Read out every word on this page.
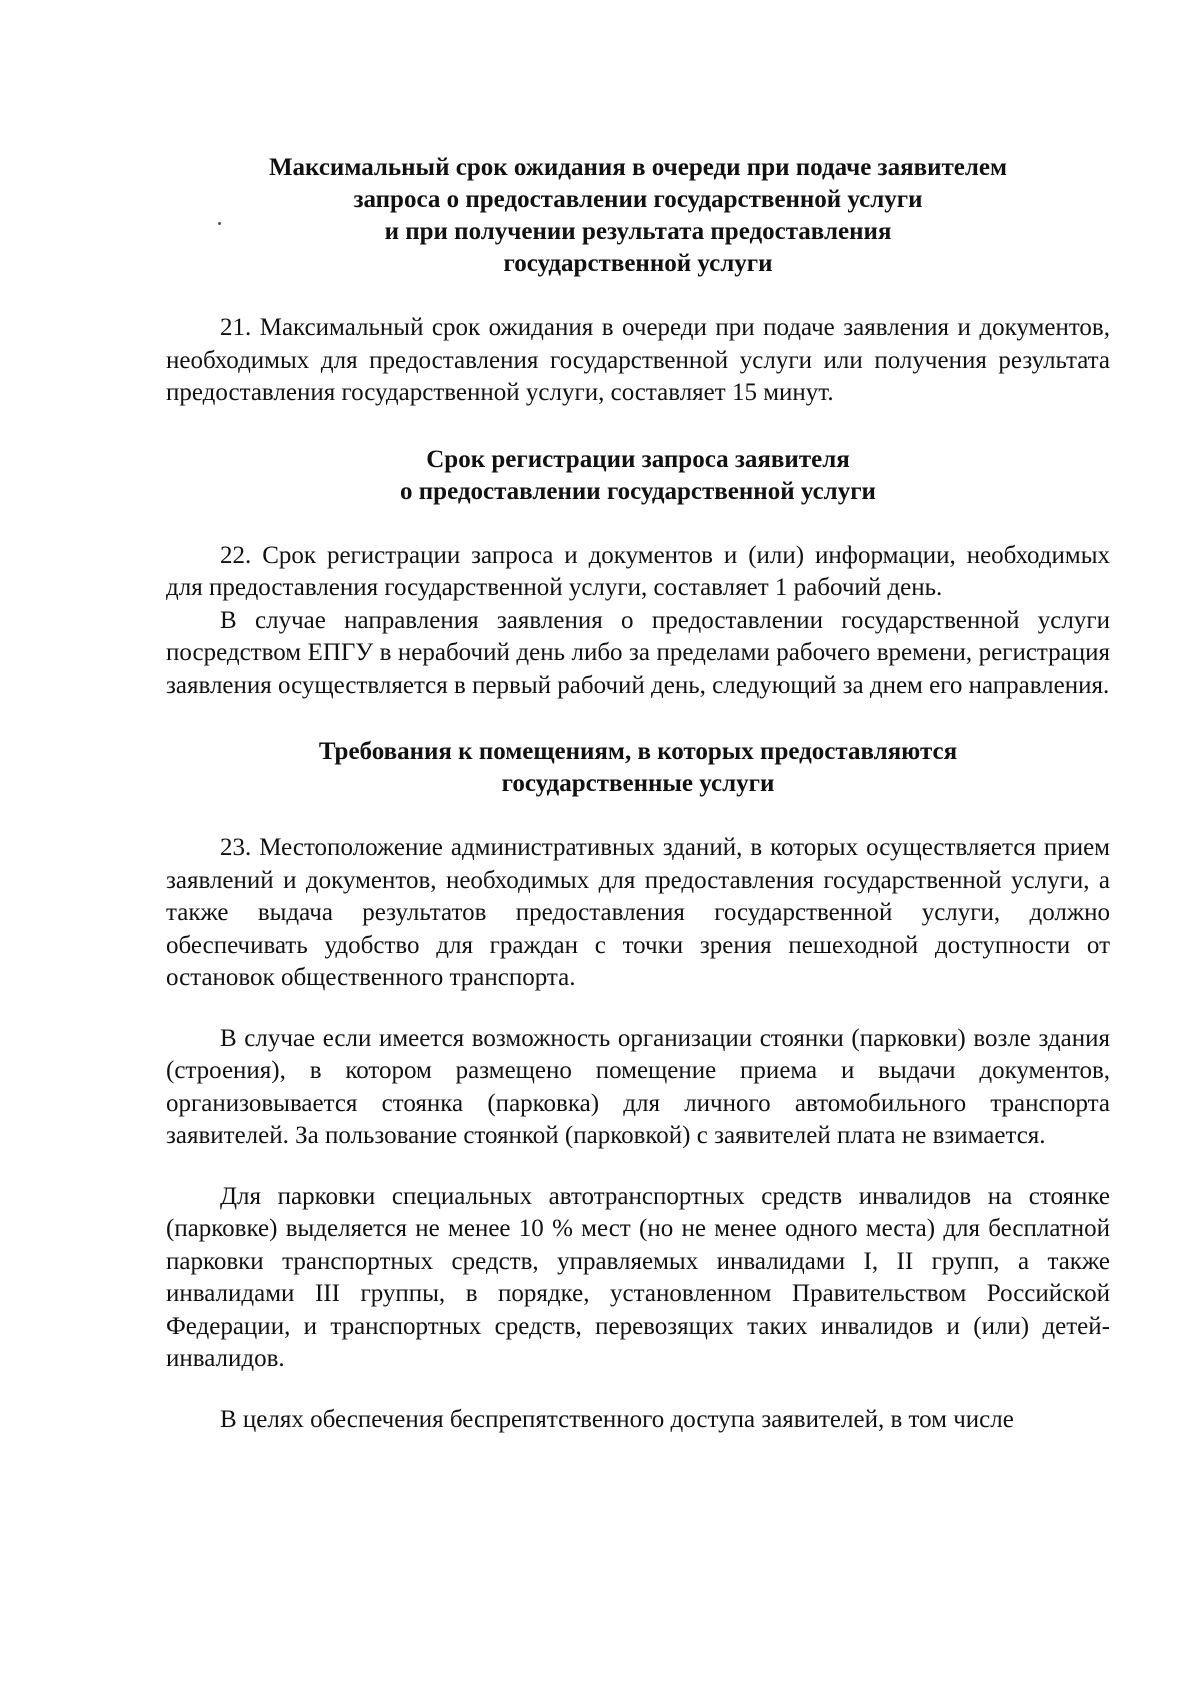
Максимальный срок ожидания в очереди при подаче заявителем
запроса о предоставлении государственной услуги
и при получении результата предоставления
государственной услуги

21. Максимальный срок ожидания в очереди при подаче заявления и документов, необходимых для предоставления государственной услуги или получения результата предоставления государственной услуги, составляет 15 минут.

Срок регистрации запроса заявителя
о предоставлении государственной услуги

22. Срок регистрации запроса и документов и (или) информации, необходимых для предоставления государственной услуги, составляет 1 рабочий день.

В случае направления заявления о предоставлении государственной услуги посредством ЕПГУ в нерабочий день либо за пределами рабочего времени, регистрация заявления осуществляется в первый рабочий день, следующий за днем его направления.

Требования к помещениям, в которых предоставляются
государственные услуги

23. Местоположение административных зданий, в которых осуществляется прием заявлений и документов, необходимых для предоставления государственной услуги, а также выдача результатов предоставления государственной услуги, должно обеспечивать удобство для граждан с точки зрения пешеходной доступности от остановок общественного транспорта.

В случае если имеется возможность организации стоянки (парковки) возле здания (строения), в котором размещено помещение приема и выдачи документов, организовывается стоянка (парковка) для личного автомобильного транспорта заявителей. За пользование стоянкой (парковкой) с заявителей плата не взимается.

Для парковки специальных автотранспортных средств инвалидов на стоянке (парковке) выделяется не менее 10 % мест (но не менее одного места) для бесплатной парковки транспортных средств, управляемых инвалидами I, II групп, а также инвалидами III группы, в порядке, установленном Правительством Российской Федерации, и транспортных средств, перевозящих таких инвалидов и (или) детей-инвалидов.

В целях обеспечения беспрепятственного доступа заявителей, в том числе
